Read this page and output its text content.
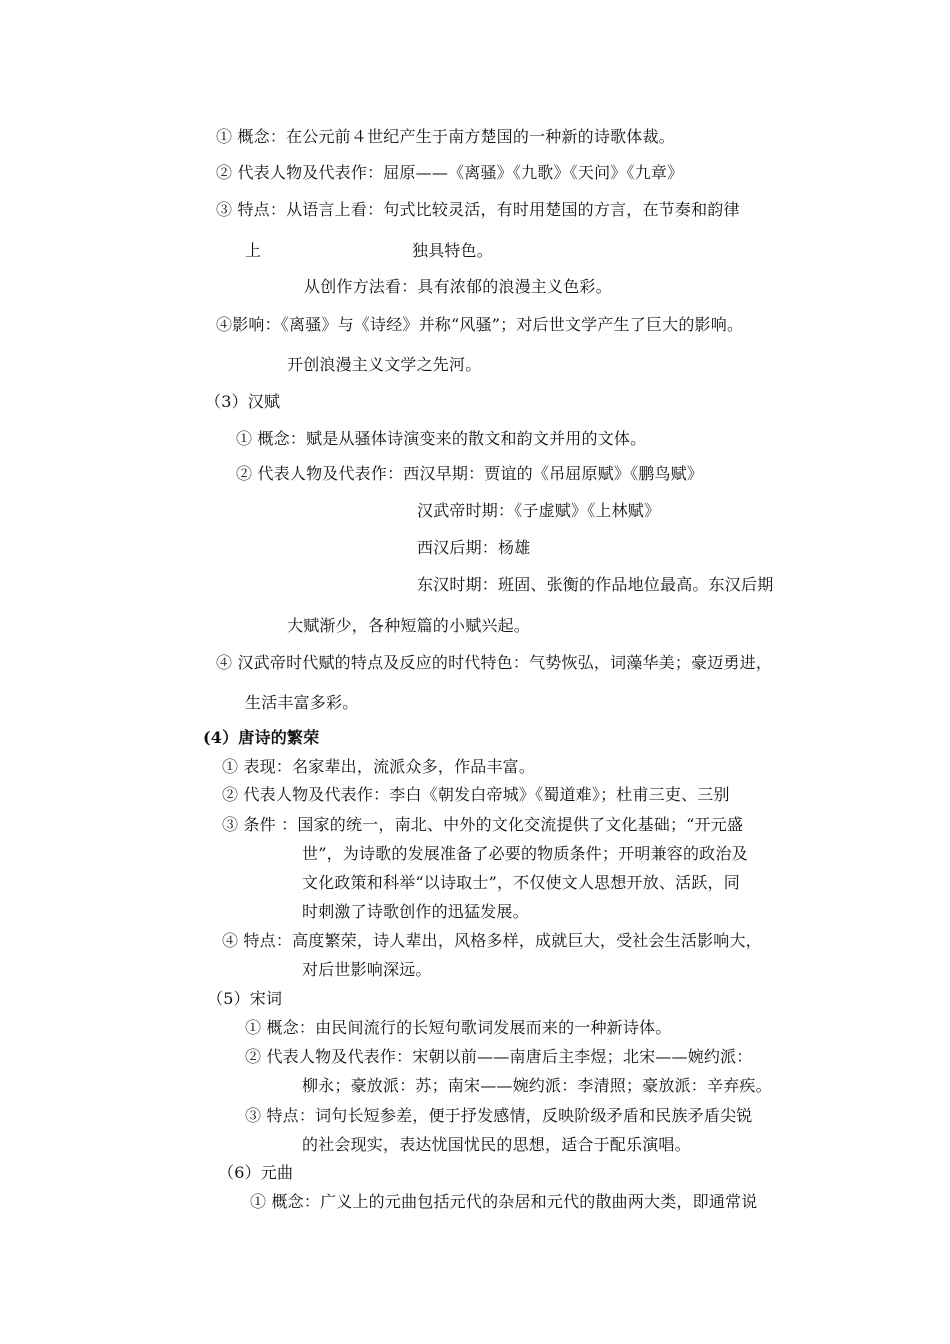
① 概念：在公元前４世纪产生于南方楚国的一种新的诗歌体裁。
② 代表人物及代表作：屈原——《离骚》《九歌》《天问》《九章》
③ 特点：从语言上看：句式比较灵活，有时用楚国的方言，在节奏和韵律
上	独具特色。
从创作方法看：具有浓郁的浪漫主义色彩。
④影响：《离骚》与《诗经》并称“风骚”；对后世文学产生了巨大的影响。
开创浪漫主义文学之先河。
（3）汉赋
① 概念：赋是从骚体诗演变来的散文和韵文并用的文体。
② 代表人物及代表作：西汉早期：贾谊的《吊屈原赋》《鹏鸟赋》
汉武帝时期：《子虚赋》《上林赋》
西汉后期：杨雄
东汉时期：班固、张衡的作品地位最高。东汉后期
大赋渐少，各种短篇的小赋兴起。
④ 汉武帝时代赋的特点及反应的时代特色：气势恢弘，词藻华美；豪迈勇进，
生活丰富多彩。
(4）唐诗的繁荣
① 表现：名家辈出，流派众多，作品丰富。
② 代表人物及代表作：李白《朝发白帝城》《蜀道难》；杜甫三吏、三别
③ 条件 ：国家的统一，南北、中外的文化交流提供了文化基础；“开元盛
世”，为诗歌的发展准备了必要的物质条件；开明兼容的政治及
文化政策和科举“以诗取士”，不仅使文人思想开放、活跃，同
时刺激了诗歌创作的迅猛发展。
④ 特点：高度繁荣，诗人辈出，风格多样，成就巨大，受社会生活影响大，
对后世影响深远。
（5）宋词
① 概念：由民间流行的长短句歌词发展而来的一种新诗体。
② 代表人物及代表作：宋朝以前——南唐后主李煜；北宋——婉约派：
柳永；豪放派：苏；南宋——婉约派：李清照；豪放派：辛弃疾。
③ 特点：词句长短参差，便于抒发感情，反映阶级矛盾和民族矛盾尖锐
的社会现实，表达忧国忧民的思想，适合于配乐演唱。
（6）元曲
① 概念：广义上的元曲包括元代的杂居和元代的散曲两大类，即通常说
